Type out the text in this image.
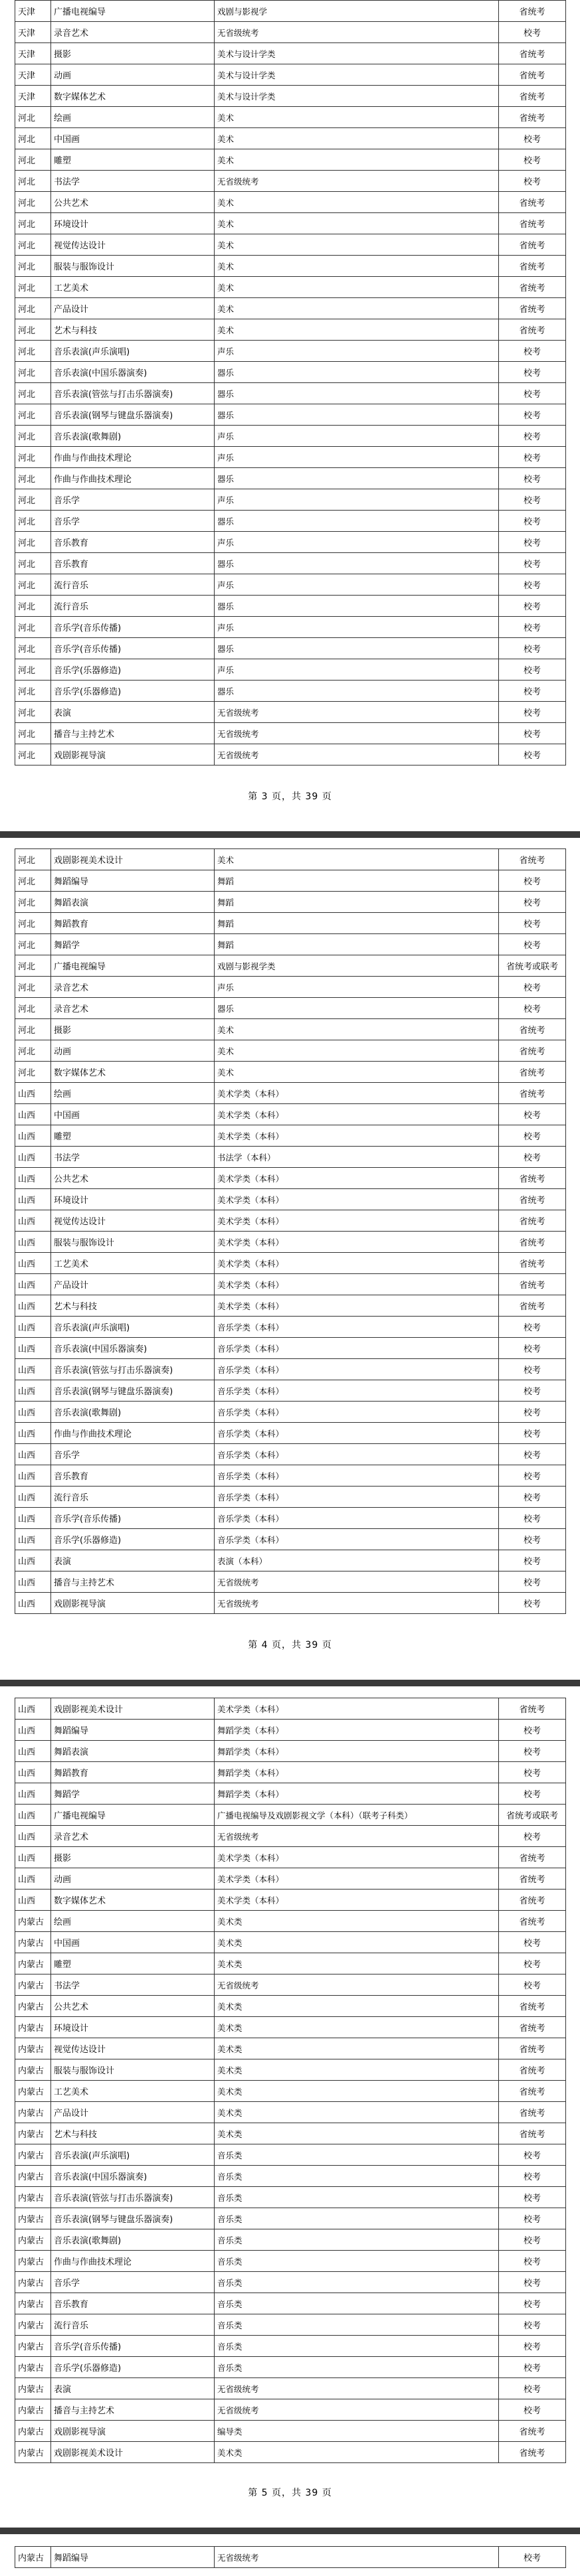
天津	广播电视编导	戏剧与影视学	省统考
天津	录音艺术	无省级统考	校考
天津	摄影	美术与设计学类	省统考
天津	动画	美术与设计学类	省统考
天津	数字媒体艺术	美术与设计学类	省统考
河北	绘画	美术	省统考
河北	中国画	美术	校考
河北	雕塑	美术	校考
河北	书法学	无省级统考	校考
河北	公共艺术	美术	省统考
河北	环境设计	美术	省统考
河北	视觉传达设计	美术	省统考
河北	服装与服饰设计	美术	省统考
河北	工艺美术	美术	省统考
河北	产品设计	美术	省统考
河北	艺术与科技	美术	省统考
河北	音乐表演(声乐演唱)	声乐	校考
河北	音乐表演(中国乐器演奏)	器乐	校考
河北	音乐表演(管弦与打击乐器演奏)	器乐	校考
河北	音乐表演(钢琴与键盘乐器演奏)	器乐	校考
河北	音乐表演(歌舞剧)	声乐	校考
河北	作曲与作曲技术理论	声乐	校考
河北	作曲与作曲技术理论	器乐	校考
河北	音乐学	声乐	校考
河北	音乐学	器乐	校考
河北	音乐教育	声乐	校考
河北	音乐教育	器乐	校考
河北	流行音乐	声乐	校考
河北	流行音乐	器乐	校考
河北	音乐学(音乐传播)	声乐	校考
河北	音乐学(音乐传播)	器乐	校考
河北	音乐学(乐器修造)	声乐	校考
河北	音乐学(乐器修造)	器乐	校考
河北	表演	无省级统考	校考
河北	播音与主持艺术	无省级统考	校考
河北	戏剧影视导演	无省级统考	校考
第 3 页，共 39 页
河北	戏剧影视美术设计	美术	省统考
河北	舞蹈编导	舞蹈	校考
河北	舞蹈表演	舞蹈	校考
河北	舞蹈教育	舞蹈	校考
河北	舞蹈学	舞蹈	校考
河北	广播电视编导	戏剧与影视学类	省统考或联考
河北	录音艺术	声乐	校考
河北	录音艺术	器乐	校考
河北	摄影	美术	省统考
河北	动画	美术	省统考
河北	数字媒体艺术	美术	省统考
山西	绘画	美术学类（本科）	省统考
山西	中国画	美术学类（本科）	校考
山西	雕塑	美术学类（本科）	校考
山西	书法学	书法学（本科）	校考
山西	公共艺术	美术学类（本科）	省统考
山西	环境设计	美术学类（本科）	省统考
山西	视觉传达设计	美术学类（本科）	省统考
山西	服装与服饰设计	美术学类（本科）	省统考
山西	工艺美术	美术学类（本科）	省统考
山西	产品设计	美术学类（本科）	省统考
山西	艺术与科技	美术学类（本科）	省统考
山西	音乐表演(声乐演唱)	音乐学类（本科）	校考
山西	音乐表演(中国乐器演奏)	音乐学类（本科）	校考
山西	音乐表演(管弦与打击乐器演奏)	音乐学类（本科）	校考
山西	音乐表演(钢琴与键盘乐器演奏)	音乐学类（本科）	校考
山西	音乐表演(歌舞剧)	音乐学类（本科）	校考
山西	作曲与作曲技术理论	音乐学类（本科）	校考
山西	音乐学	音乐学类（本科）	校考
山西	音乐教育	音乐学类（本科）	校考
山西	流行音乐	音乐学类（本科）	校考
山西	音乐学(音乐传播)	音乐学类（本科）	校考
山西	音乐学(乐器修造)	音乐学类（本科）	校考
山西	表演	表演（本科）	校考
山西	播音与主持艺术	无省级统考	校考
山西	戏剧影视导演	无省级统考	校考
第 4 页，共 39 页
山西	戏剧影视美术设计	美术学类（本科）	省统考
山西	舞蹈编导	舞蹈学类（本科）	校考
山西	舞蹈表演	舞蹈学类（本科）	校考
山西	舞蹈教育	舞蹈学类（本科）	校考
山西	舞蹈学	舞蹈学类（本科）	校考
山西	广播电视编导	广播电视编导及戏剧影视文学（本科）（联考子科类）	省统考或联考
山西	录音艺术	无省级统考	校考
山西	摄影	美术学类（本科）	省统考
山西	动画	美术学类（本科）	省统考
山西	数字媒体艺术	美术学类（本科）	省统考
内蒙古	绘画	美术类	省统考
内蒙古	中国画	美术类	校考
内蒙古	雕塑	美术类	校考
内蒙古	书法学	无省级统考	校考
内蒙古	公共艺术	美术类	省统考
内蒙古	环境设计	美术类	省统考
内蒙古	视觉传达设计	美术类	省统考
内蒙古	服装与服饰设计	美术类	省统考
内蒙古	工艺美术	美术类	省统考
内蒙古	产品设计	美术类	省统考
内蒙古	艺术与科技	美术类	省统考
内蒙古	音乐表演(声乐演唱)	音乐类	校考
内蒙古	音乐表演(中国乐器演奏)	音乐类	校考
内蒙古	音乐表演(管弦与打击乐器演奏)	音乐类	校考
内蒙古	音乐表演(钢琴与键盘乐器演奏)	音乐类	校考
内蒙古	音乐表演(歌舞剧)	音乐类	校考
内蒙古	作曲与作曲技术理论	音乐类	校考
内蒙古	音乐学	音乐类	校考
内蒙古	音乐教育	音乐类	校考
内蒙古	流行音乐	音乐类	校考
内蒙古	音乐学(音乐传播)	音乐类	校考
内蒙古	音乐学(乐器修造)	音乐类	校考
内蒙古	表演	无省级统考	校考
内蒙古	播音与主持艺术	无省级统考	校考
内蒙古	戏剧影视导演	编导类	省统考
内蒙古	戏剧影视美术设计	美术类	省统考
第 5 页，共 39 页
内蒙古	舞蹈编导	无省级统考	校考
